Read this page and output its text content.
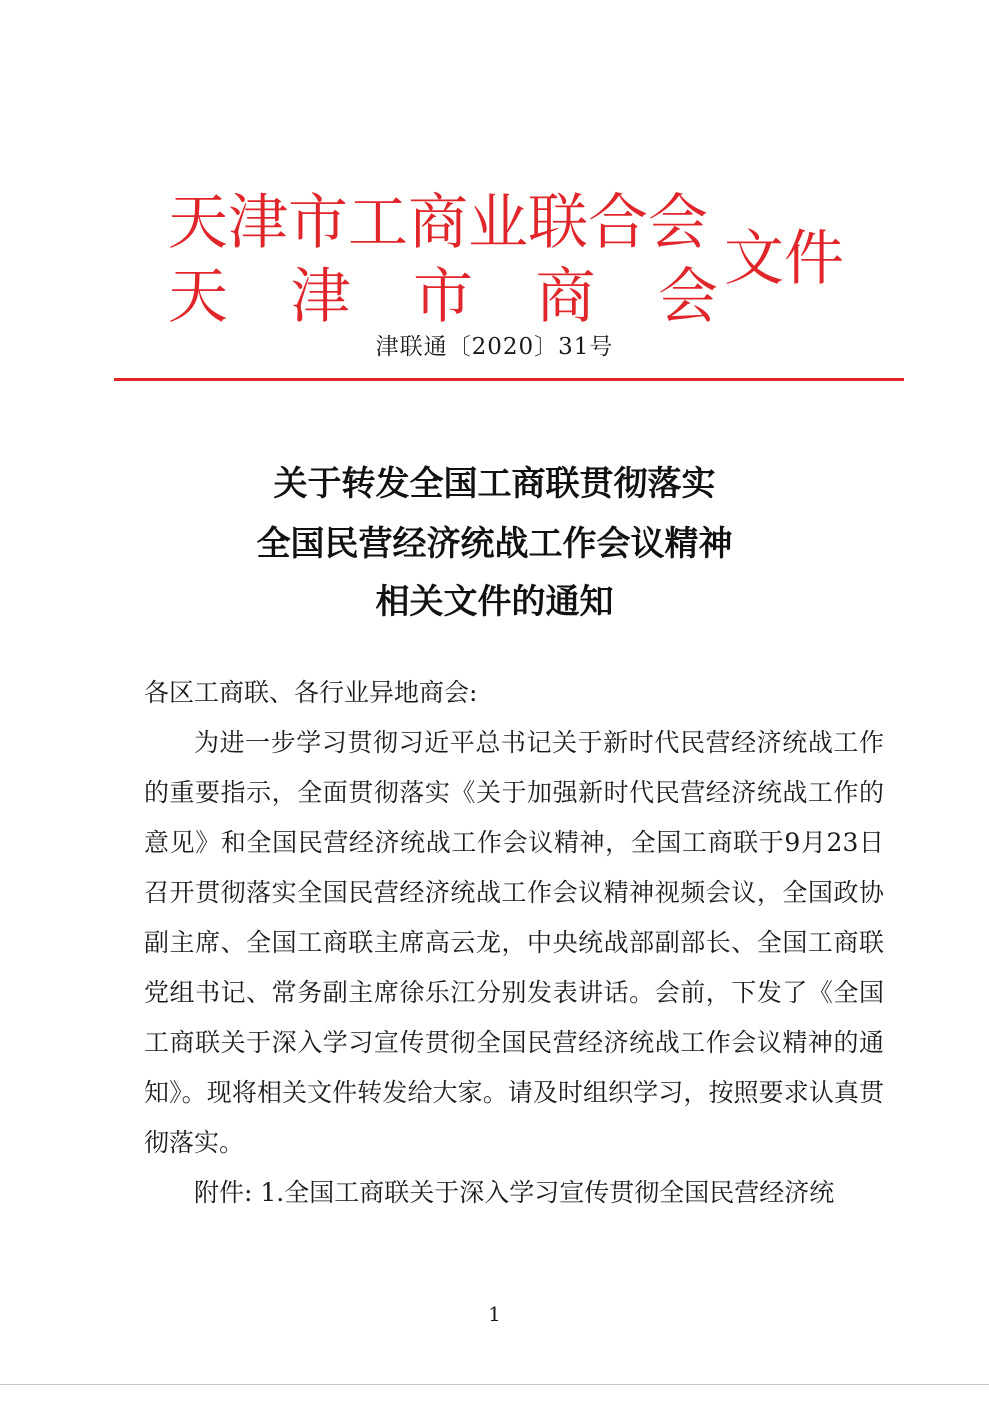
天津市工商业联合会
天 津 市 商 会
文件
津联通〔2020〕31号
关于转发全国工商联贯彻落实
全国民营经济统战工作会议精神
相关文件的通知

各区工商联、各行业异地商会:

为进一步学习贯彻习近平总书记关于新时代民营经济统战工作的重要指示，全面贯彻落实《关于加强新时代民营经济统战工作的意见》和全国民营经济统战工作会议精神，全国工商联于9月23日召开贯彻落实全国民营经济统战工作会议精神视频会议，全国政协副主席、全国工商联主席高云龙，中央统战部副部长、全国工商联党组书记、常务副主席徐乐江分别发表讲话。会前，下发了《全国工商联关于深入学习宣传贯彻全国民营经济统战工作会议精神的通知》。现将相关文件转发给大家。请及时组织学习，按照要求认真贯彻落实。

附件: 1.全国工商联关于深入学习宣传贯彻全国民营经济统

1
